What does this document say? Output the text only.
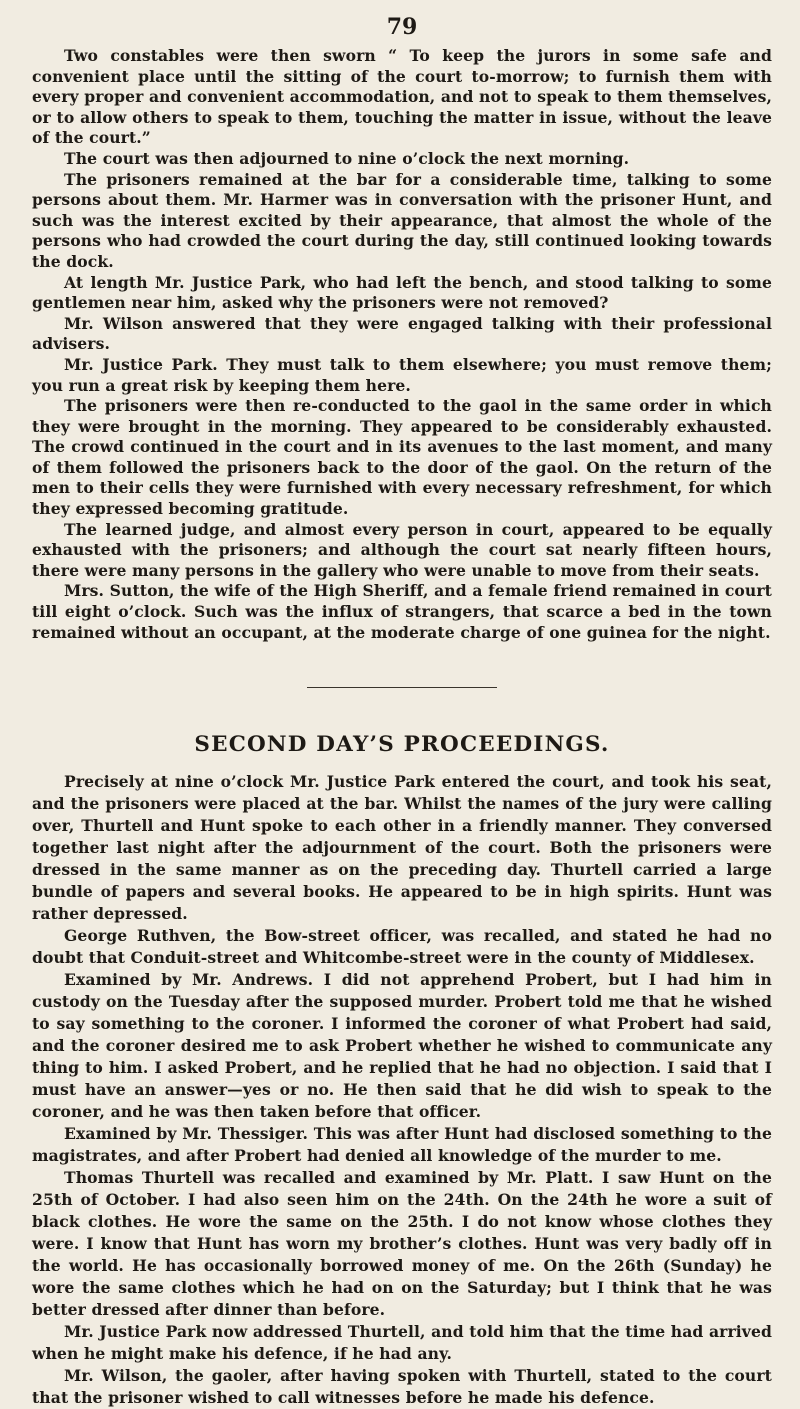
79

Two constables were then sworn “ To keep the jurors in some safe and convenient place until the sitting of the court to-morrow; to furnish them with every proper and convenient accommodation, and not to speak to them themselves, or to allow others to speak to them, touching the matter in issue, without the leave of the court.”

The court was then adjourned to nine o’clock the next morning.

The prisoners remained at the bar for a considerable time, talking to some persons about them. Mr. Harmer was in conversation with the prisoner Hunt, and such was the interest excited by their appearance, that almost the whole of the persons who had crowded the court during the day, still continued looking towards the dock.

At length Mr. Justice Park, who had left the bench, and stood talking to some gentlemen near him, asked why the prisoners were not removed?

Mr. Wilson answered that they were engaged talking with their professional advisers.

Mr. Justice Park. They must talk to them elsewhere; you must remove them; you run a great risk by keeping them here.

The prisoners were then re-conducted to the gaol in the same order in which they were brought in the morning. They appeared to be considerably exhausted. The crowd continued in the court and in its avenues to the last moment, and many of them followed the prisoners back to the door of the gaol. On the return of the men to their cells they were furnished with every necessary refreshment, for which they expressed becoming gratitude.

The learned judge, and almost every person in court, appeared to be equally exhausted with the prisoners; and although the court sat nearly fifteen hours, there were many persons in the gallery who were unable to move from their seats.

Mrs. Sutton, the wife of the High Sheriff, and a female friend remained in court till eight o’clock. Such was the influx of strangers, that scarce a bed in the town remained without an occupant, at the moderate charge of one guinea for the night.

SECOND DAY’S PROCEEDINGS.

Precisely at nine o’clock Mr. Justice Park entered the court, and took his seat, and the prisoners were placed at the bar. Whilst the names of the jury were calling over, Thurtell and Hunt spoke to each other in a friendly manner. They conversed together last night after the adjournment of the court. Both the prisoners were dressed in the same manner as on the preceding day. Thurtell carried a large bundle of papers and several books. He appeared to be in high spirits. Hunt was rather depressed.

George Ruthven, the Bow-street officer, was recalled, and stated he had no doubt that Conduit-street and Whitcombe-street were in the county of Middlesex.

Examined by Mr. Andrews. I did not apprehend Probert, but I had him in custody on the Tuesday after the supposed murder. Probert told me that he wished to say something to the coroner. I informed the coroner of what Probert had said, and the coroner desired me to ask Probert whether he wished to communicate any thing to him. I asked Probert, and he replied that he had no objection. I said that I must have an answer—yes or no. He then said that he did wish to speak to the coroner, and he was then taken before that officer.

Examined by Mr. Thessiger. This was after Hunt had disclosed something to the magistrates, and after Probert had denied all knowledge of the murder to me.

Thomas Thurtell was recalled and examined by Mr. Platt. I saw Hunt on the 25th of October. I had also seen him on the 24th. On the 24th he wore a suit of black clothes. He wore the same on the 25th. I do not know whose clothes they were. I know that Hunt has worn my brother’s clothes. Hunt was very badly off in the world. He has occasionally borrowed money of me. On the 26th (Sunday) he wore the same clothes which he had on on the Saturday; but I think that he was better dressed after dinner than before.

Mr. Justice Park now addressed Thurtell, and told him that the time had arrived when he might make his defence, if he had any.

Mr. Wilson, the gaoler, after having spoken with Thurtell, stated to the court that the prisoner wished to call witnesses before he made his defence.
